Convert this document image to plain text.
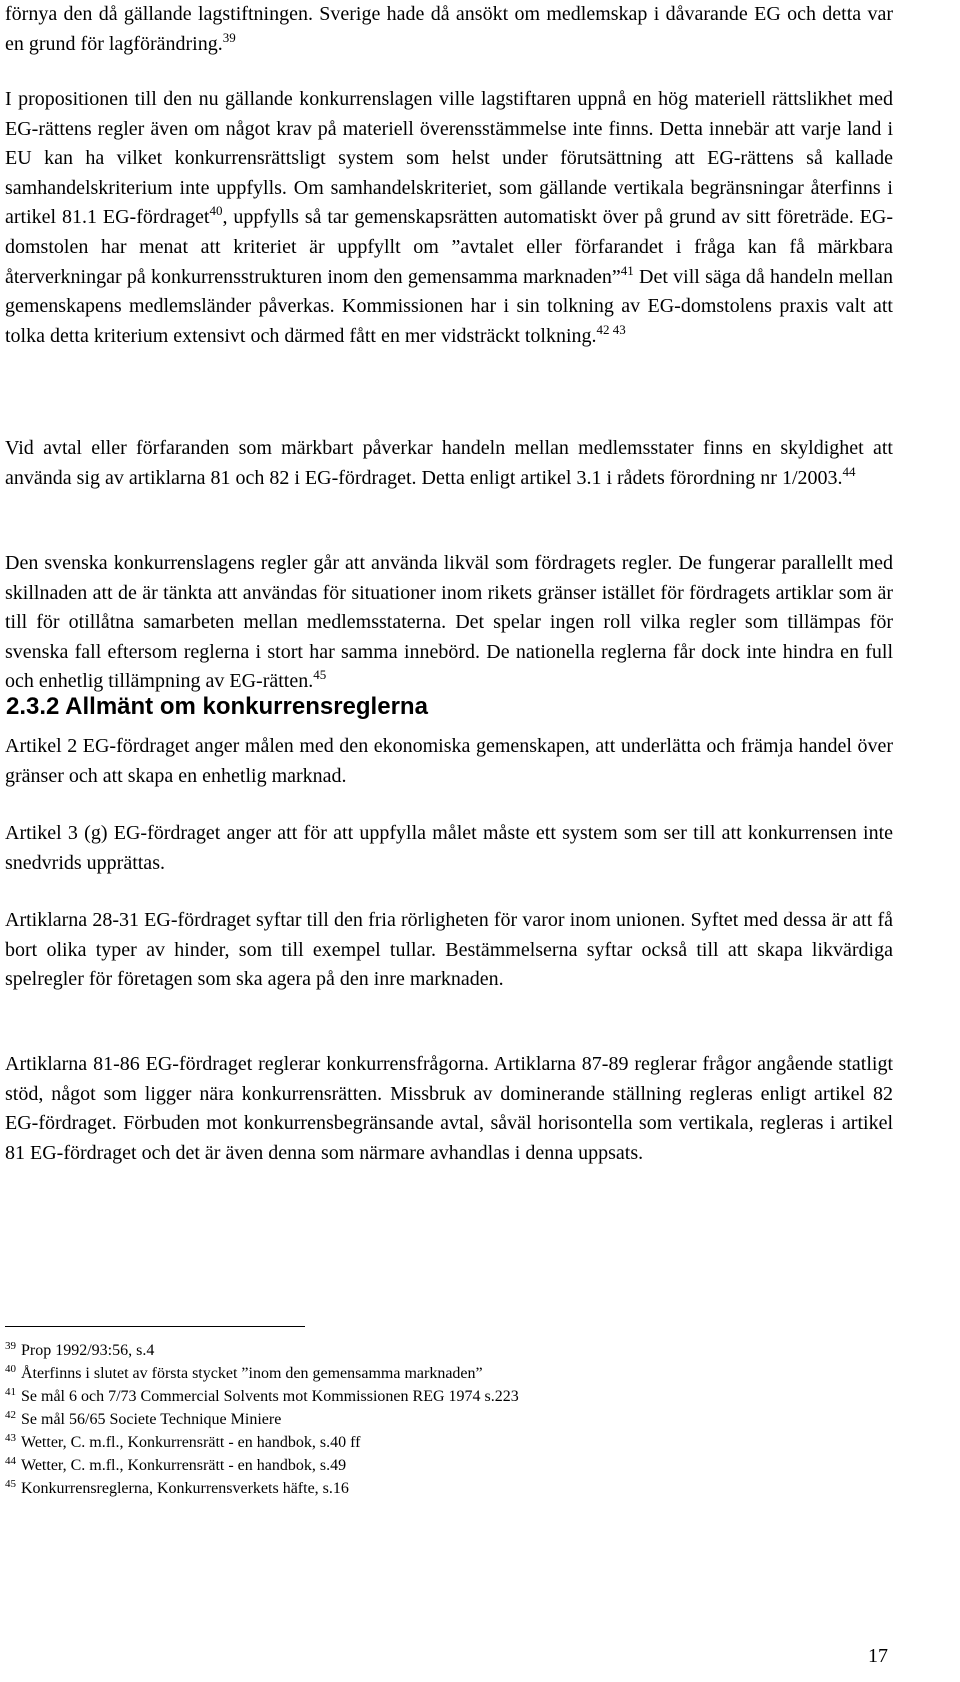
förnya den då gällande lagstiftningen. Sverige hade då ansökt om medlemskap i dåvarande EG och detta var en grund för lagförändring.$^{39}$

I propositionen till den nu gällande konkurrenslagen ville lagstiftaren uppnå en hög materiell rättslikhet med EG-rättens regler även om något krav på materiell överensstämmelse inte finns. Detta innebär att varje land i EU kan ha vilket konkurrensrättsligt system som helst under förutsättning att EG-rättens så kallade samhandelskriterium inte uppfylls. Om samhandelskriteriet, som gällande vertikala begränsningar återfinns i artikel 81.1 EG-fördraget$^{40}$, uppfylls så tar gemenskapsrätten automatiskt över på grund av sitt företräde. EG-domstolen har menat att kriteriet är uppfyllt om ”avtalet eller förfarandet i fråga kan få märkbara återverkningar på konkurrensstrukturen inom den gemensamma marknaden”$^{41}$ Det vill säga då handeln mellan gemenskapens medlemsländer påverkas. Kommissionen har i sin tolkning av EG-domstolens praxis valt att tolka detta kriterium extensivt och därmed fått en mer vidsträckt tolkning.$^{42 43}$

Vid avtal eller förfaranden som märkbart påverkar handeln mellan medlemsstater finns en skyldighet att använda sig av artiklarna 81 och 82 i EG-fördraget. Detta enligt artikel 3.1 i rådets förordning nr 1/2003.44

Den svenska konkurrenslagens regler går att använda likväl som fördragets regler. De fungerar parallellt med skillnaden att de är tänkta att användas för situationer inom rikets gränser istället för fördragets artiklar som är till för otillåtna samarbeten mellan medlemsstaterna. Det spelar ingen roll vilka regler som tillämpas för svenska fall eftersom reglerna i stort har samma innebörd. De nationella reglerna får dock inte hindra en full och enhetlig tillämpning av EG-rätten.$^{45}$

2.3.2 Allmänt om konkurrensreglerna

Artikel 2 EG-fördraget anger målen med den ekonomiska gemenskapen, att underlätta och främja handel över gränser och att skapa en enhetlig marknad.

Artikel 3 (g) EG-fördraget anger att för att uppfylla målet måste ett system som ser till att konkurrensen inte snedvrids upprättas.

Artiklarna 28-31 EG-fördraget syftar till den fria rörligheten för varor inom unionen. Syftet med dessa är att få bort olika typer av hinder, som till exempel tullar. Bestämmelserna syftar också till att skapa likvärdiga spelregler för företagen som ska agera på den inre marknaden.

Artiklarna 81-86 EG-fördraget reglerar konkurrensfrågorna. Artiklarna 87-89 reglerar frågor angående statligt stöd, något som ligger nära konkurrensrätten. Missbruk av dominerande ställning regleras enligt artikel 82 EG-fördraget. Förbuden mot konkurrensbegränsande avtal, såväl horisontella som vertikala, regleras i artikel 81 EG-fördraget och det är även denna som närmare avhandlas i denna uppsats.

$^{39}$ Prop 1992/93:56, s.4

$^{40}$ Återfinns i slutet av första stycket ”inom den gemensamma marknaden”

$^{41}$ Se mål 6 och 7/73 Commercial Solvents mot Kommissionen REG 1974 s.223

$^{42}$ Se mål 56/65 Societe Technique Miniere

$^{43}$ Wetter, C. m.fl., Konkurrensrätt - en handbok, s.40 ff

$^{44}$ Wetter, C. m.fl., Konkurrensrätt - en handbok, s.49

$^{45}$ Konkurrensreglerna, Konkurrensverkets häfte, s.16

17
